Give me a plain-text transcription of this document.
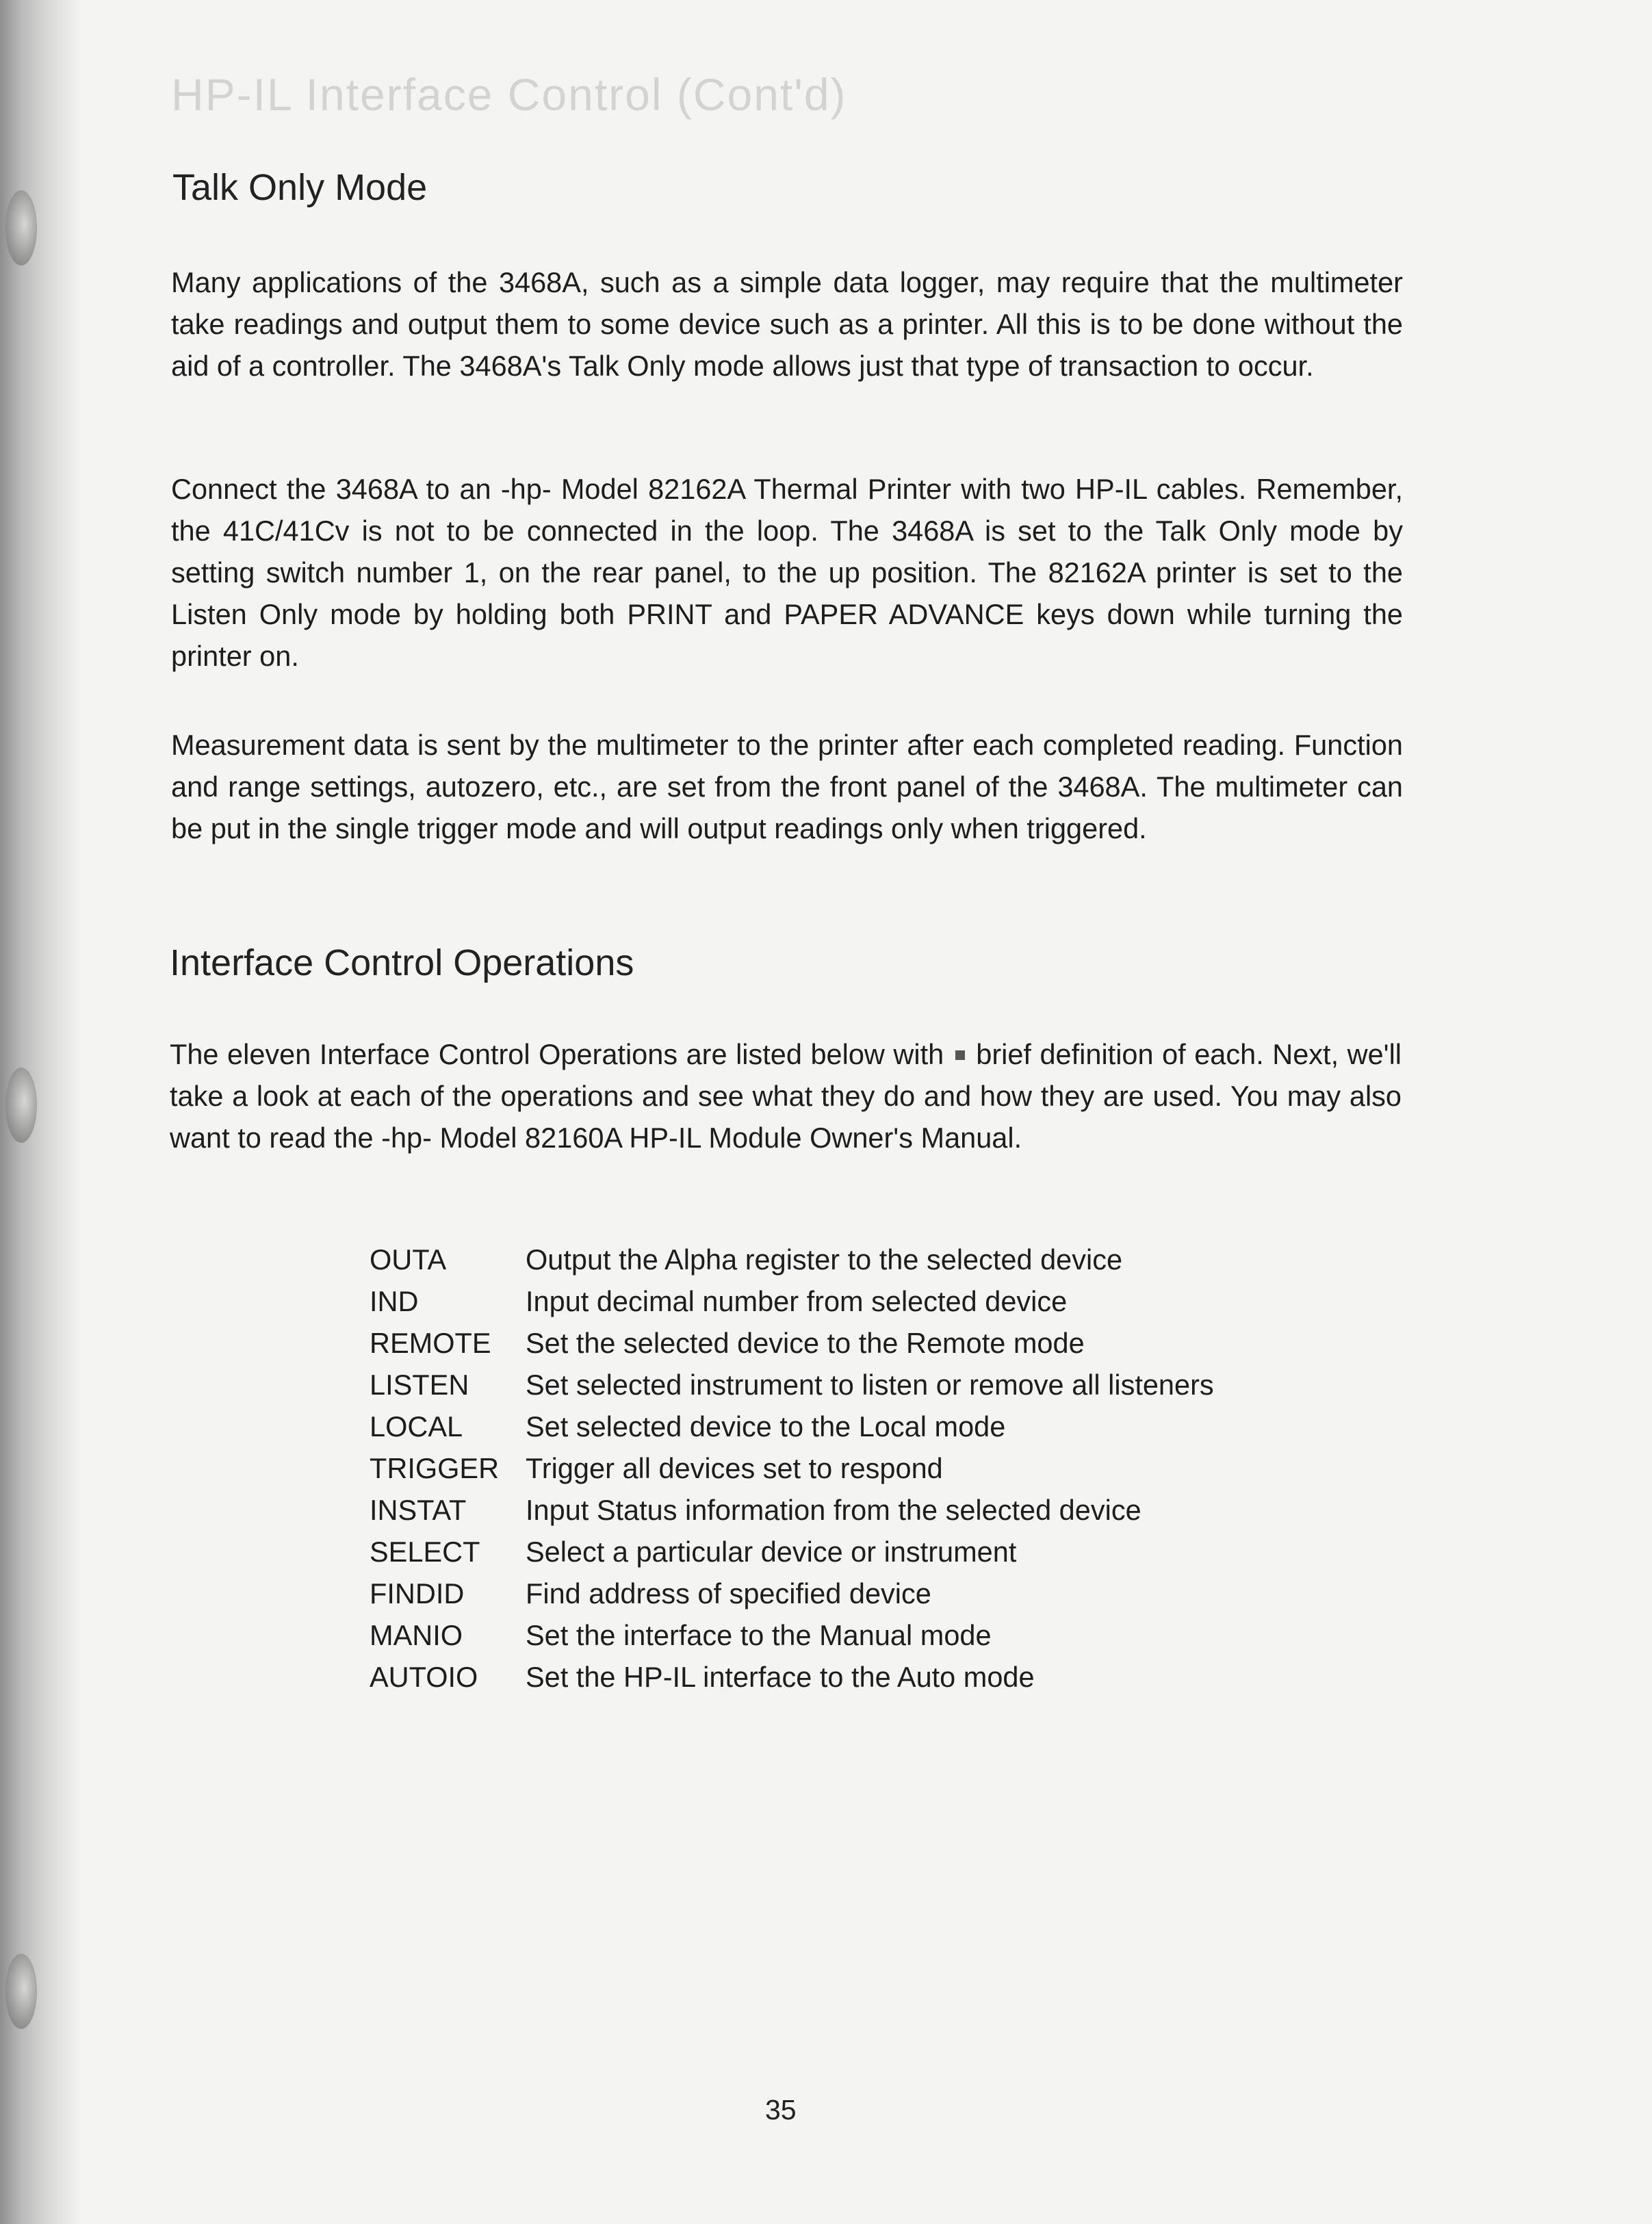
HP-IL Interface Control (Cont'd)
Talk Only Mode

Many applications of the 3468A, such as a simple data logger, may require that the multimeter take readings and output them to some device such as a printer. All this is to be done without the aid of a controller. The 3468A's Talk Only mode allows just that type of transaction to occur.

Connect the 3468A to an -hp- Model 82162A Thermal Printer with two HP-IL cables. Remember, the 41C/41Cv is not to be connected in the loop. The 3468A is set to the Talk Only mode by setting switch number 1, on the rear panel, to the up position. The 82162A printer is set to the Listen Only mode by holding both PRINT and PAPER ADVANCE keys down while turning the printer on.

Measurement data is sent by the multimeter to the printer after each completed reading. Function and range settings, autozero, etc., are set from the front panel of the 3468A. The multimeter can be put in the single trigger mode and will output readings only when triggered.

Interface Control Operations

The eleven Interface Control Operations are listed below with brief definition of each. Next, we'll take a look at each of the operations and see what they do and how they are used. You may also want to read the -hp- Model 82160A HP-IL Module Owner's Manual.

OUTA	Output the Alpha register to the selected device
IND	Input decimal number from selected device
REMOTE	Set the selected device to the Remote mode
LISTEN	Set selected instrument to listen or remove all listeners
LOCAL	Set selected device to the Local mode
TRIGGER Trigger all devices set to respond
INSTAT	Input Status information from the selected device
SELECT	Select a particular device or instrument
FINDID	Find address of specified device
MANIO	Set the interface to the Manual mode
AUTOIO	Set the HP-IL interface to the Auto mode
35
